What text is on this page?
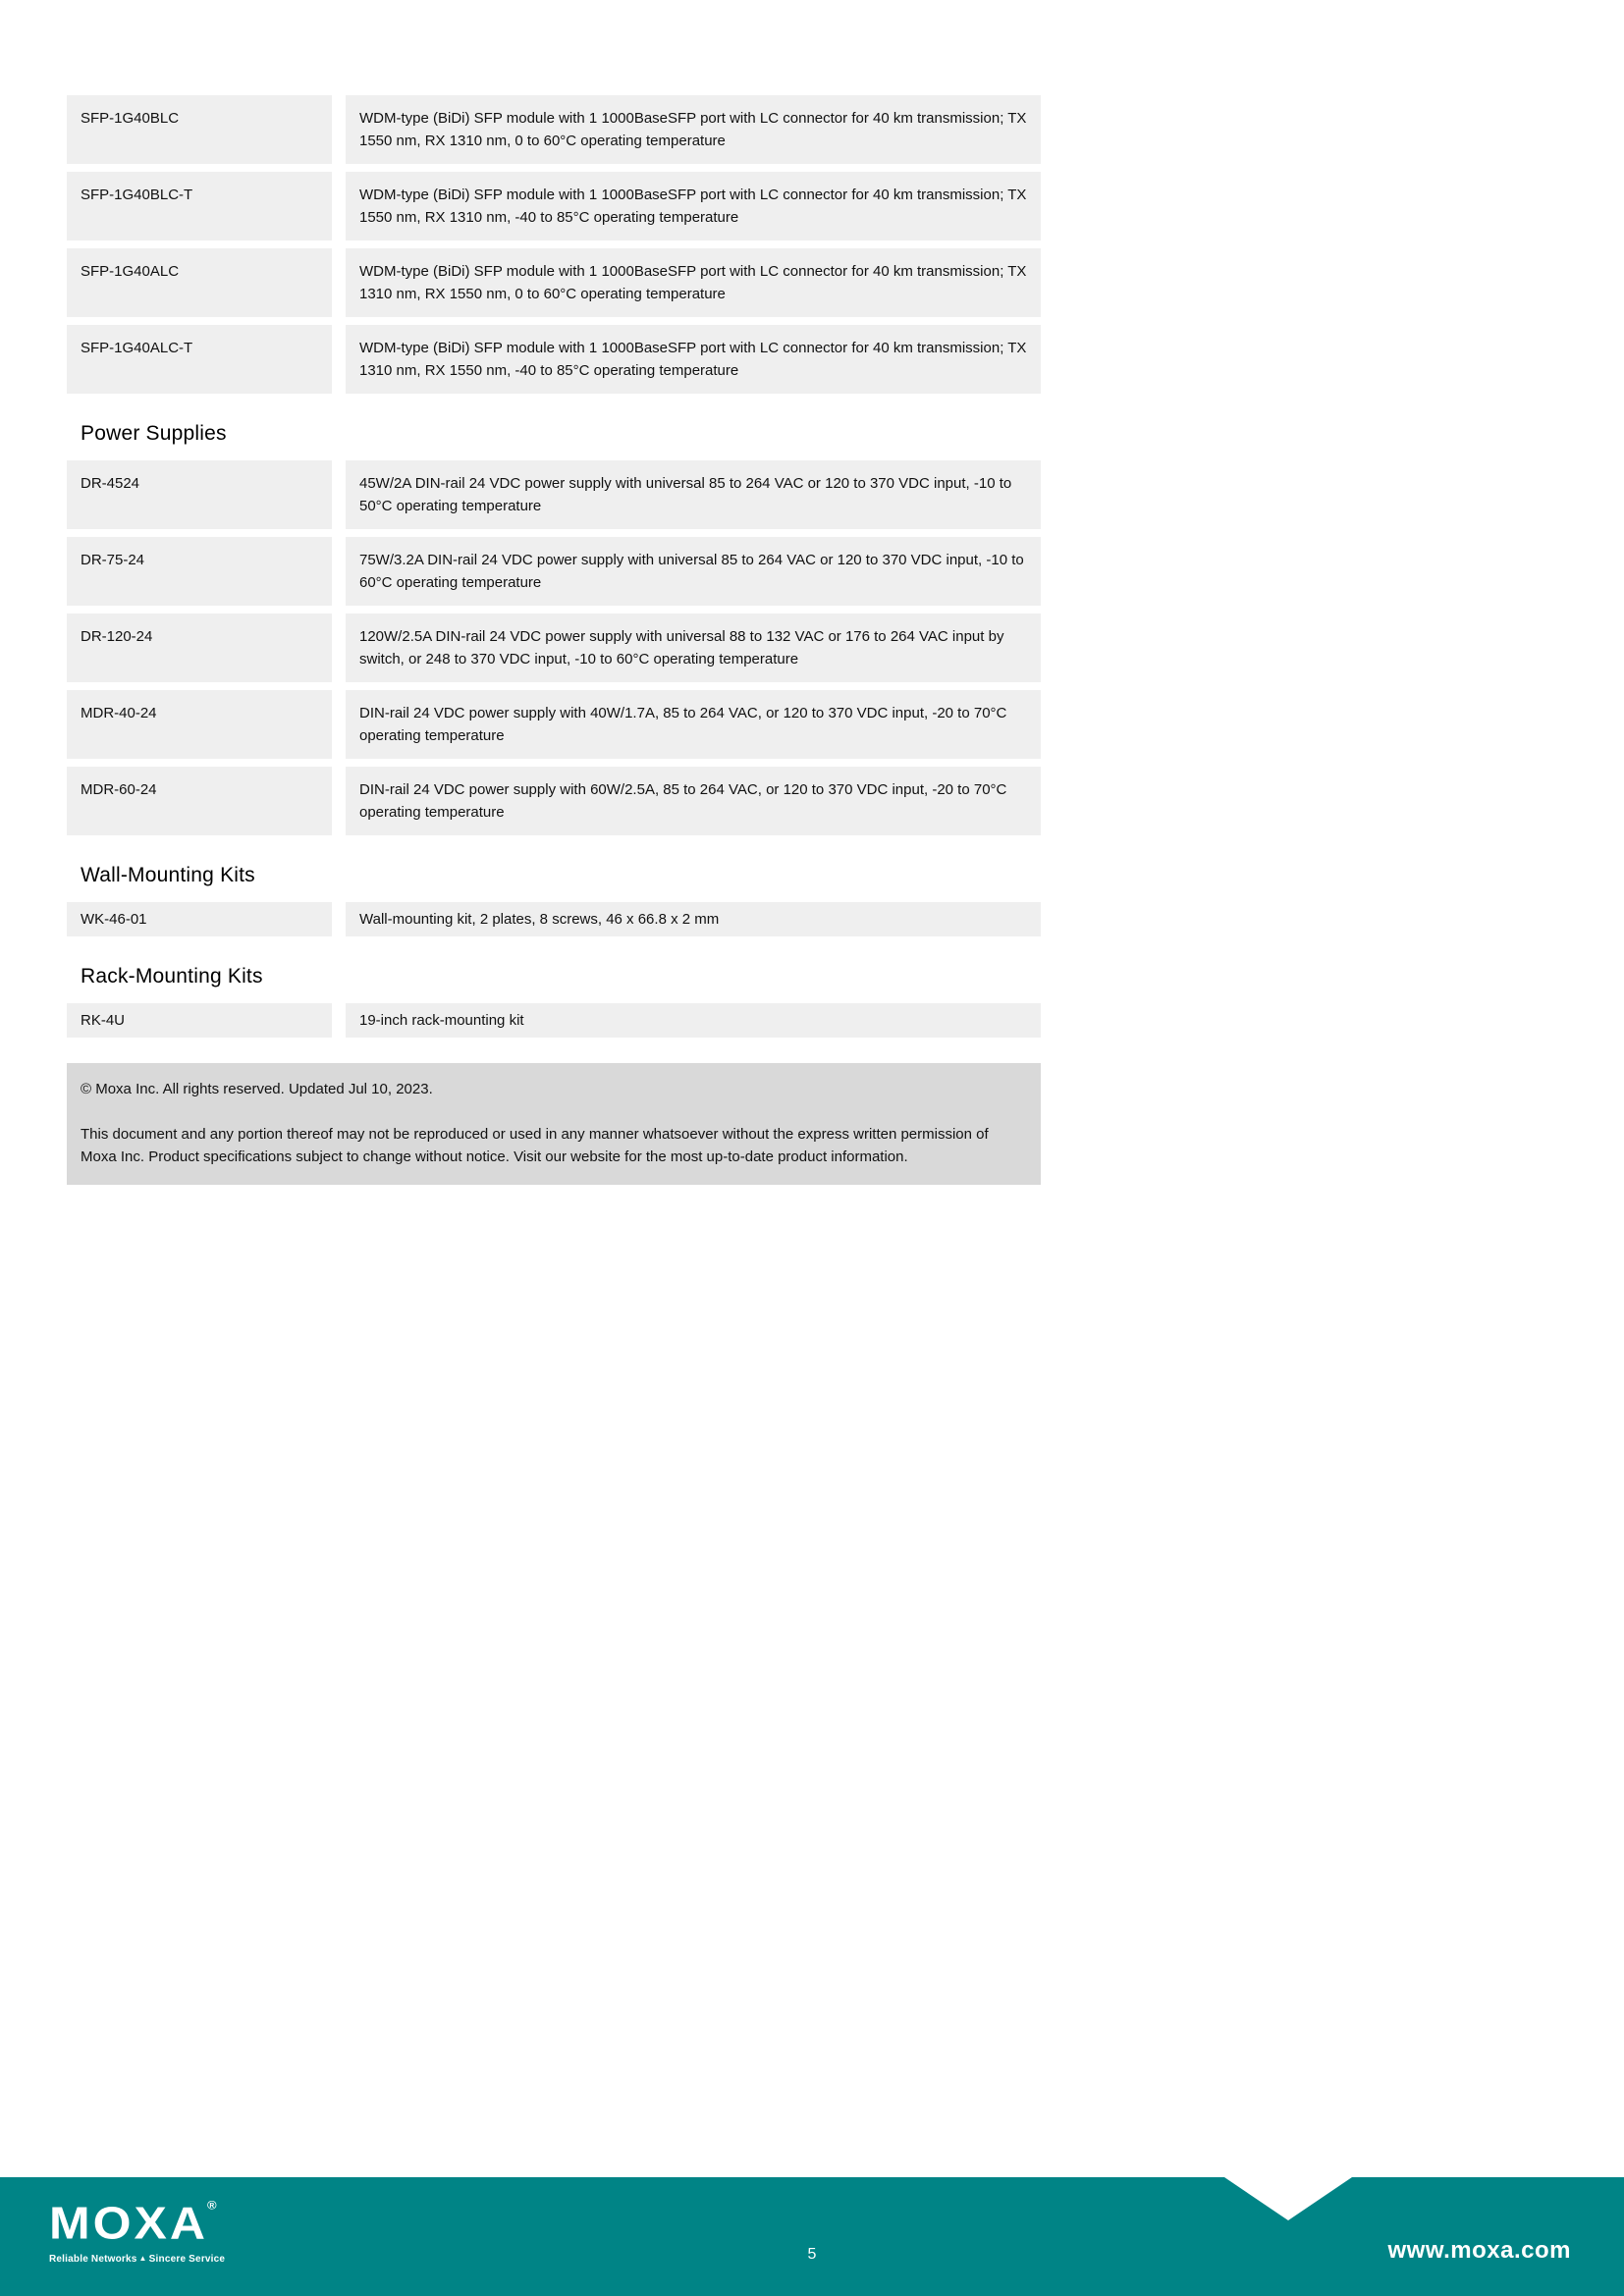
SFP-1G40BLC	WDM-type (BiDi) SFP module with 1 1000BaseSFP port with LC connector for 40 km transmission; TX 1550 nm, RX 1310 nm, 0 to 60°C operating temperature
SFP-1G40BLC-T	WDM-type (BiDi) SFP module with 1 1000BaseSFP port with LC connector for 40 km transmission; TX 1550 nm, RX 1310 nm, -40 to 85°C operating temperature
SFP-1G40ALC	WDM-type (BiDi) SFP module with 1 1000BaseSFP port with LC connector for 40 km transmission; TX 1310 nm, RX 1550 nm, 0 to 60°C operating temperature
SFP-1G40ALC-T	WDM-type (BiDi) SFP module with 1 1000BaseSFP port with LC connector for 40 km transmission; TX 1310 nm, RX 1550 nm, -40 to 85°C operating temperature
Power Supplies
DR-4524	45W/2A DIN-rail 24 VDC power supply with universal 85 to 264 VAC or 120 to 370 VDC input, -10 to 50°C operating temperature
DR-75-24	75W/3.2A DIN-rail 24 VDC power supply with universal 85 to 264 VAC or 120 to 370 VDC input, -10 to 60°C operating temperature
DR-120-24	120W/2.5A DIN-rail 24 VDC power supply with universal 88 to 132 VAC or 176 to 264 VAC input by switch, or 248 to 370 VDC input, -10 to 60°C operating temperature
MDR-40-24	DIN-rail 24 VDC power supply with 40W/1.7A, 85 to 264 VAC, or 120 to 370 VDC input, -20 to 70°C operating temperature
MDR-60-24	DIN-rail 24 VDC power supply with 60W/2.5A, 85 to 264 VAC, or 120 to 370 VDC input, -20 to 70°C operating temperature
Wall-Mounting Kits
WK-46-01	Wall-mounting kit, 2 plates, 8 screws, 46 x 66.8 x 2 mm
Rack-Mounting Kits
RK-4U	19-inch rack-mounting kit

© Moxa Inc. All rights reserved. Updated Jul 10, 2023.

This document and any portion thereof may not be reproduced or used in any manner whatsoever without the express written permission of Moxa Inc. Product specifications subject to change without notice. Visit our website for the most up-to-date product information.

MOXA®
Reliable Networks ▲ Sincere Service	5	www.moxa.com
